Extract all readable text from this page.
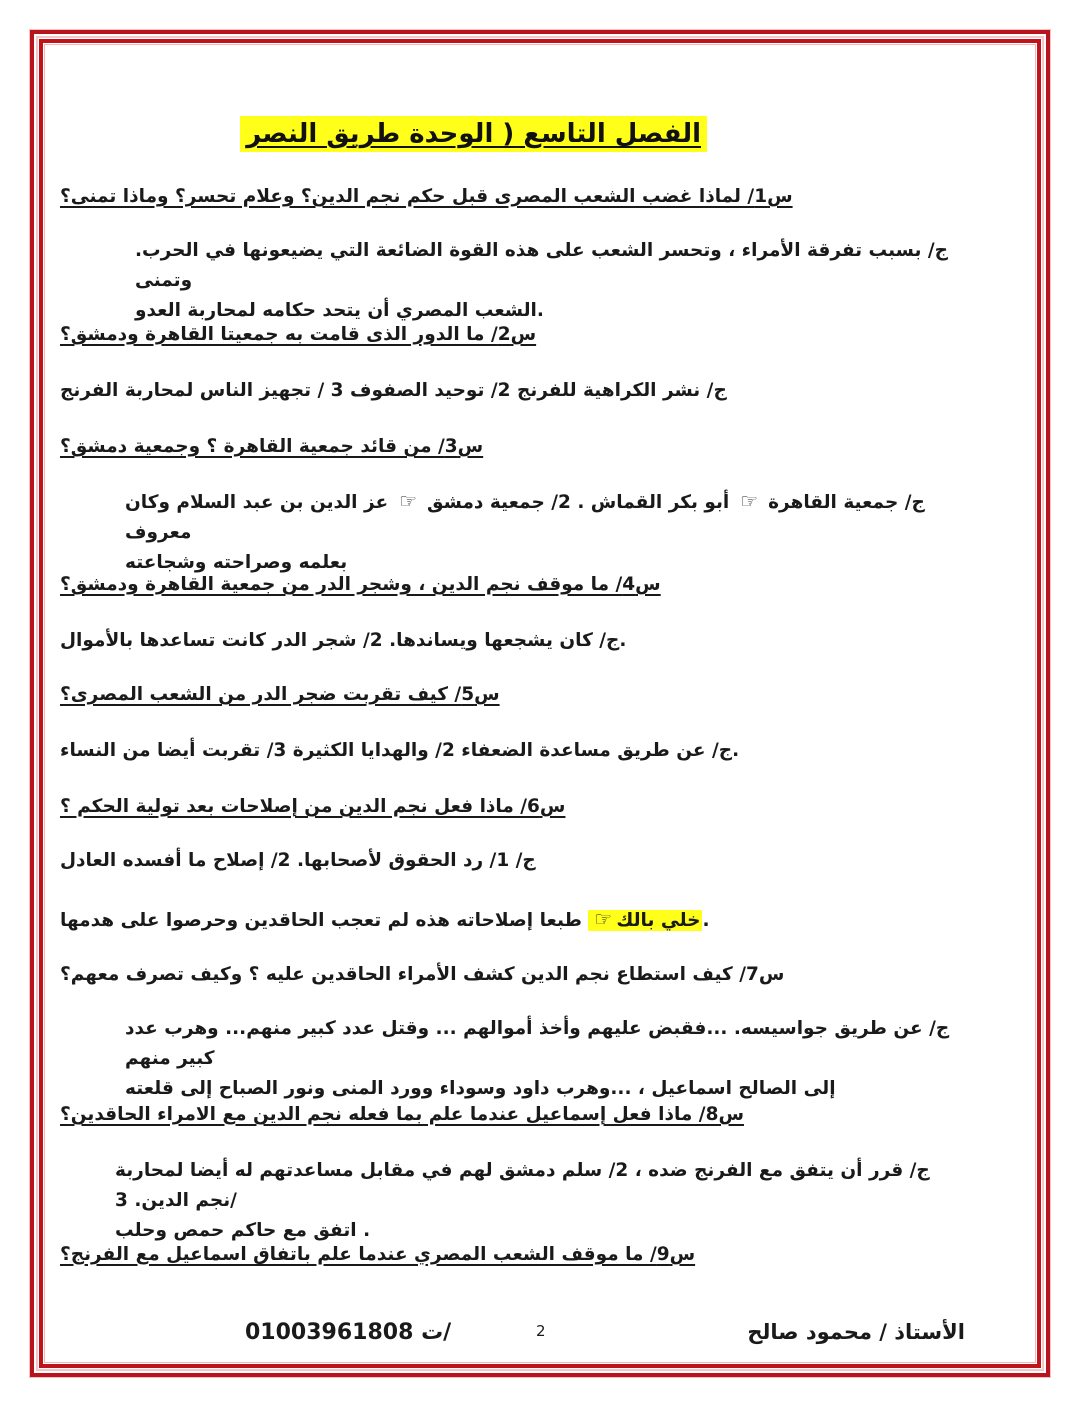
الفصل التاسع ( الوحدة طريق النصر
س1/ لماذا غضب الشعب المصرى قبل حكم نجم الدين؟ وعلام تحسر؟ وماذا تمنى؟
ج/ بسبب تفرقة الأمراء ، وتحسر الشعب على هذه القوة الضائعة التي يضيعونها في الحرب. وتمنى
الشعب المصري أن يتحد حكامه لمحاربة العدو.
س2/ ما الدور الذى قامت به جمعيتا القاهرة ودمشق؟
ج/ نشر الكراهية للفرنج 2/ توحيد الصفوف 3 / تجهيز الناس لمحاربة الفرنج
س3/ من قائد جمعية القاهرة ؟ وجمعية دمشق؟
ج/ جمعية القاهرة ☜ أبو بكر القماش . 2/ جمعية دمشق ☜ عز الدين بن عبد السلام وكان معروف
بعلمه وصراحته وشجاعته
س4/ ما موقف نجم الدين ، وشجر الدر من جمعية القاهرة ودمشق؟
ج/ كان يشجعها ويساندها. 2/ شجر الدر كانت تساعدها بالأموال.
س5/ كيف تقربت ضجر الدر من الشعب المصرى؟
ج/ عن طريق مساعدة الضعفاء 2/ والهدايا الكثيرة 3/ تقربت أيضا من النساء.
س6/ ماذا فعل نجم الدين من إصلاحات بعد تولية الحكم ؟
ج/ 1/ رد الحقوق لأصحابها. 2/ إصلاح ما أفسده العادل
خلي بالك☜ طبعا إصلاحاته هذه لم تعجب الحاقدين وحرصوا على هدمها.
س7/ كيف استطاع نجم الدين كشف الأمراء الحاقدين عليه ؟ وكيف تصرف معهم؟
ج/ عن طريق جواسيسه. ...فقبض عليهم وأخذ أموالهم ... وقتل عدد كبير منهم... وهرب عدد كبير منهم
إلى الصالح اسماعيل ، ...وهرب داود وسوداء وورد المنى ونور الصباح إلى قلعته
س8/ ماذا فعل إسماعيل عندما علم بما فعله نجم الدين مع الامراء الحاقدين؟
ج/ قرر أن يتفق مع الفرنج ضده ، 2/ سلم دمشق لهم في مقابل مساعدتهم له أيضا لمحاربة نجم الدين. 3/
اتفق مع حاكم حمص وحلب .
س9/ ما موقف الشعب المصري عندما علم باتفاق اسماعيل مع الفرنج؟
الأستاذ / محمود صالح
2
01003961808 ت/
